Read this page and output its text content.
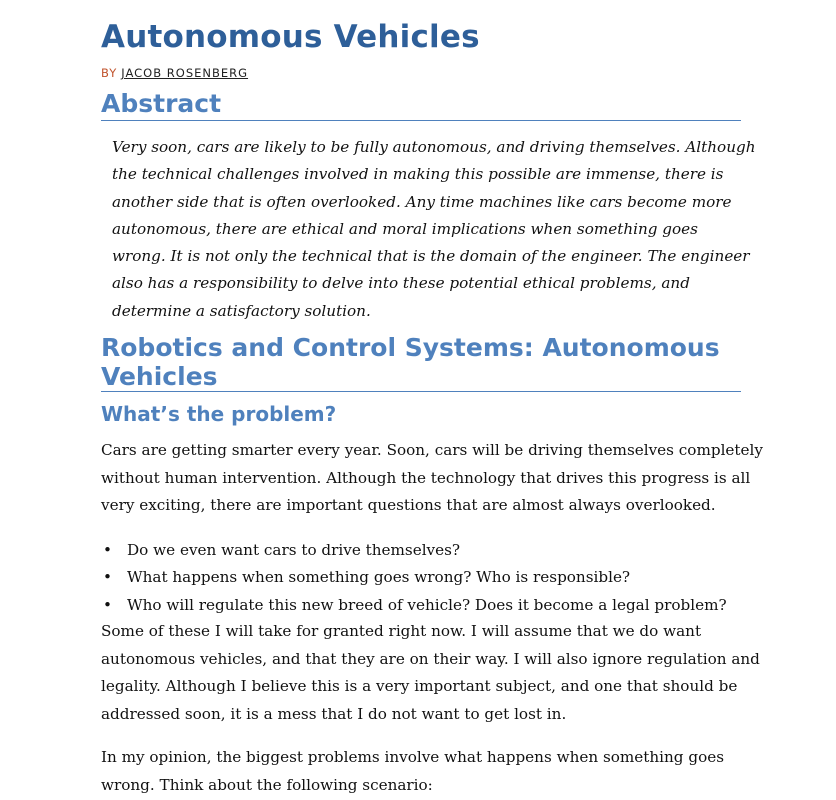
Autonomous Vehicles
BY JACOB ROSENBERG
Abstract

Very soon, cars are likely to be fully autonomous, and driving themselves. Although
the technical challenges involved in making this possible are immense, there is
another side that is often overlooked. Any time machines like cars become more
autonomous, there are ethical and moral implications when something goes
wrong. It is not only the technical that is the domain of the engineer. The engineer
also has a responsibility to delve into these potential ethical problems, and
determine a satisfactory solution.

Robotics and Control Systems: Autonomous
Vehicles
What’s the problem?

Cars are getting smarter every year. Soon, cars will be driving themselves completely
without human intervention. Although the technology that drives this progress is all
very exciting, there are important questions that are almost always overlooked.

• Do we even want cars to drive themselves?
• What happens when something goes wrong? Who is responsible?
• Who will regulate this new breed of vehicle? Does it become a legal problem?

Some of these I will take for granted right now. I will assume that we do want
autonomous vehicles, and that they are on their way. I will also ignore regulation and
legality. Although I believe this is a very important subject, and one that should be
addressed soon, it is a mess that I do not want to get lost in.

In my opinion, the biggest problems involve what happens when something goes
wrong. Think about the following scenario:
